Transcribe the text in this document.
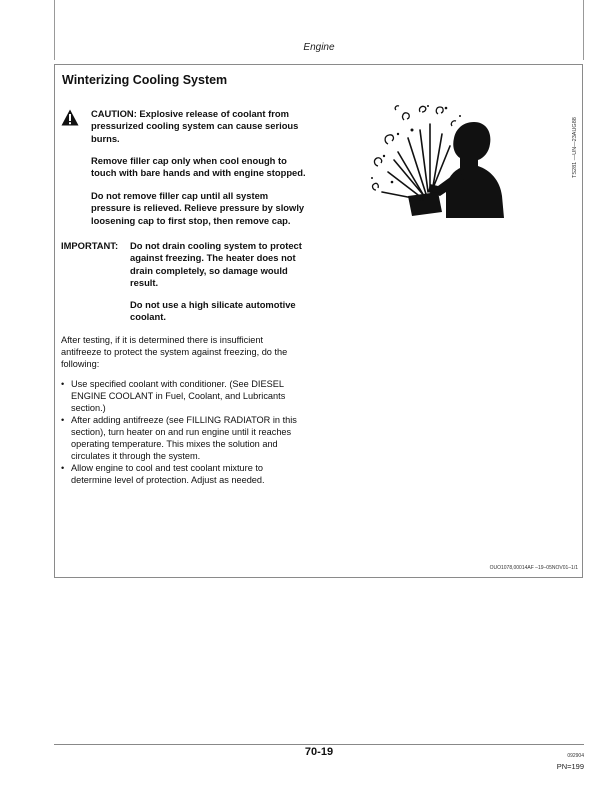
Engine
Winterizing Cooling System
CAUTION: Explosive release of coolant from
pressurized cooling system can cause serious
burns.
Remove filler cap only when cool enough to
touch with bare hands and with engine stopped.
Do not remove filler cap until all system
pressure is relieved. Relieve pressure by slowly
loosening cap to first stop, then remove cap.
TS281 —UN—23AUG88
IMPORTANT: Do not drain cooling system to protect
against freezing. The heater does not
drain completely, so damage would
result.
Do not use a high silicate automotive
coolant.
After testing, if it is determined there is insufficient
antifreeze to protect the system against freezing, do the
following:
• Use specified coolant with conditioner. (See DIESEL
ENGINE COOLANT in Fuel, Coolant, and Lubricants
section.)
• After adding antifreeze (see FILLING RADIATOR in this
section), turn heater on and run engine until it reaches
operating temperature. This mixes the solution and
circulates it through the system.
• Allow engine to cool and test coolant mixture to
determine level of protection. Adjust as needed.
OUO1078,00014AF –19–05NOV01–1/1
70-19	092904
PN=199
